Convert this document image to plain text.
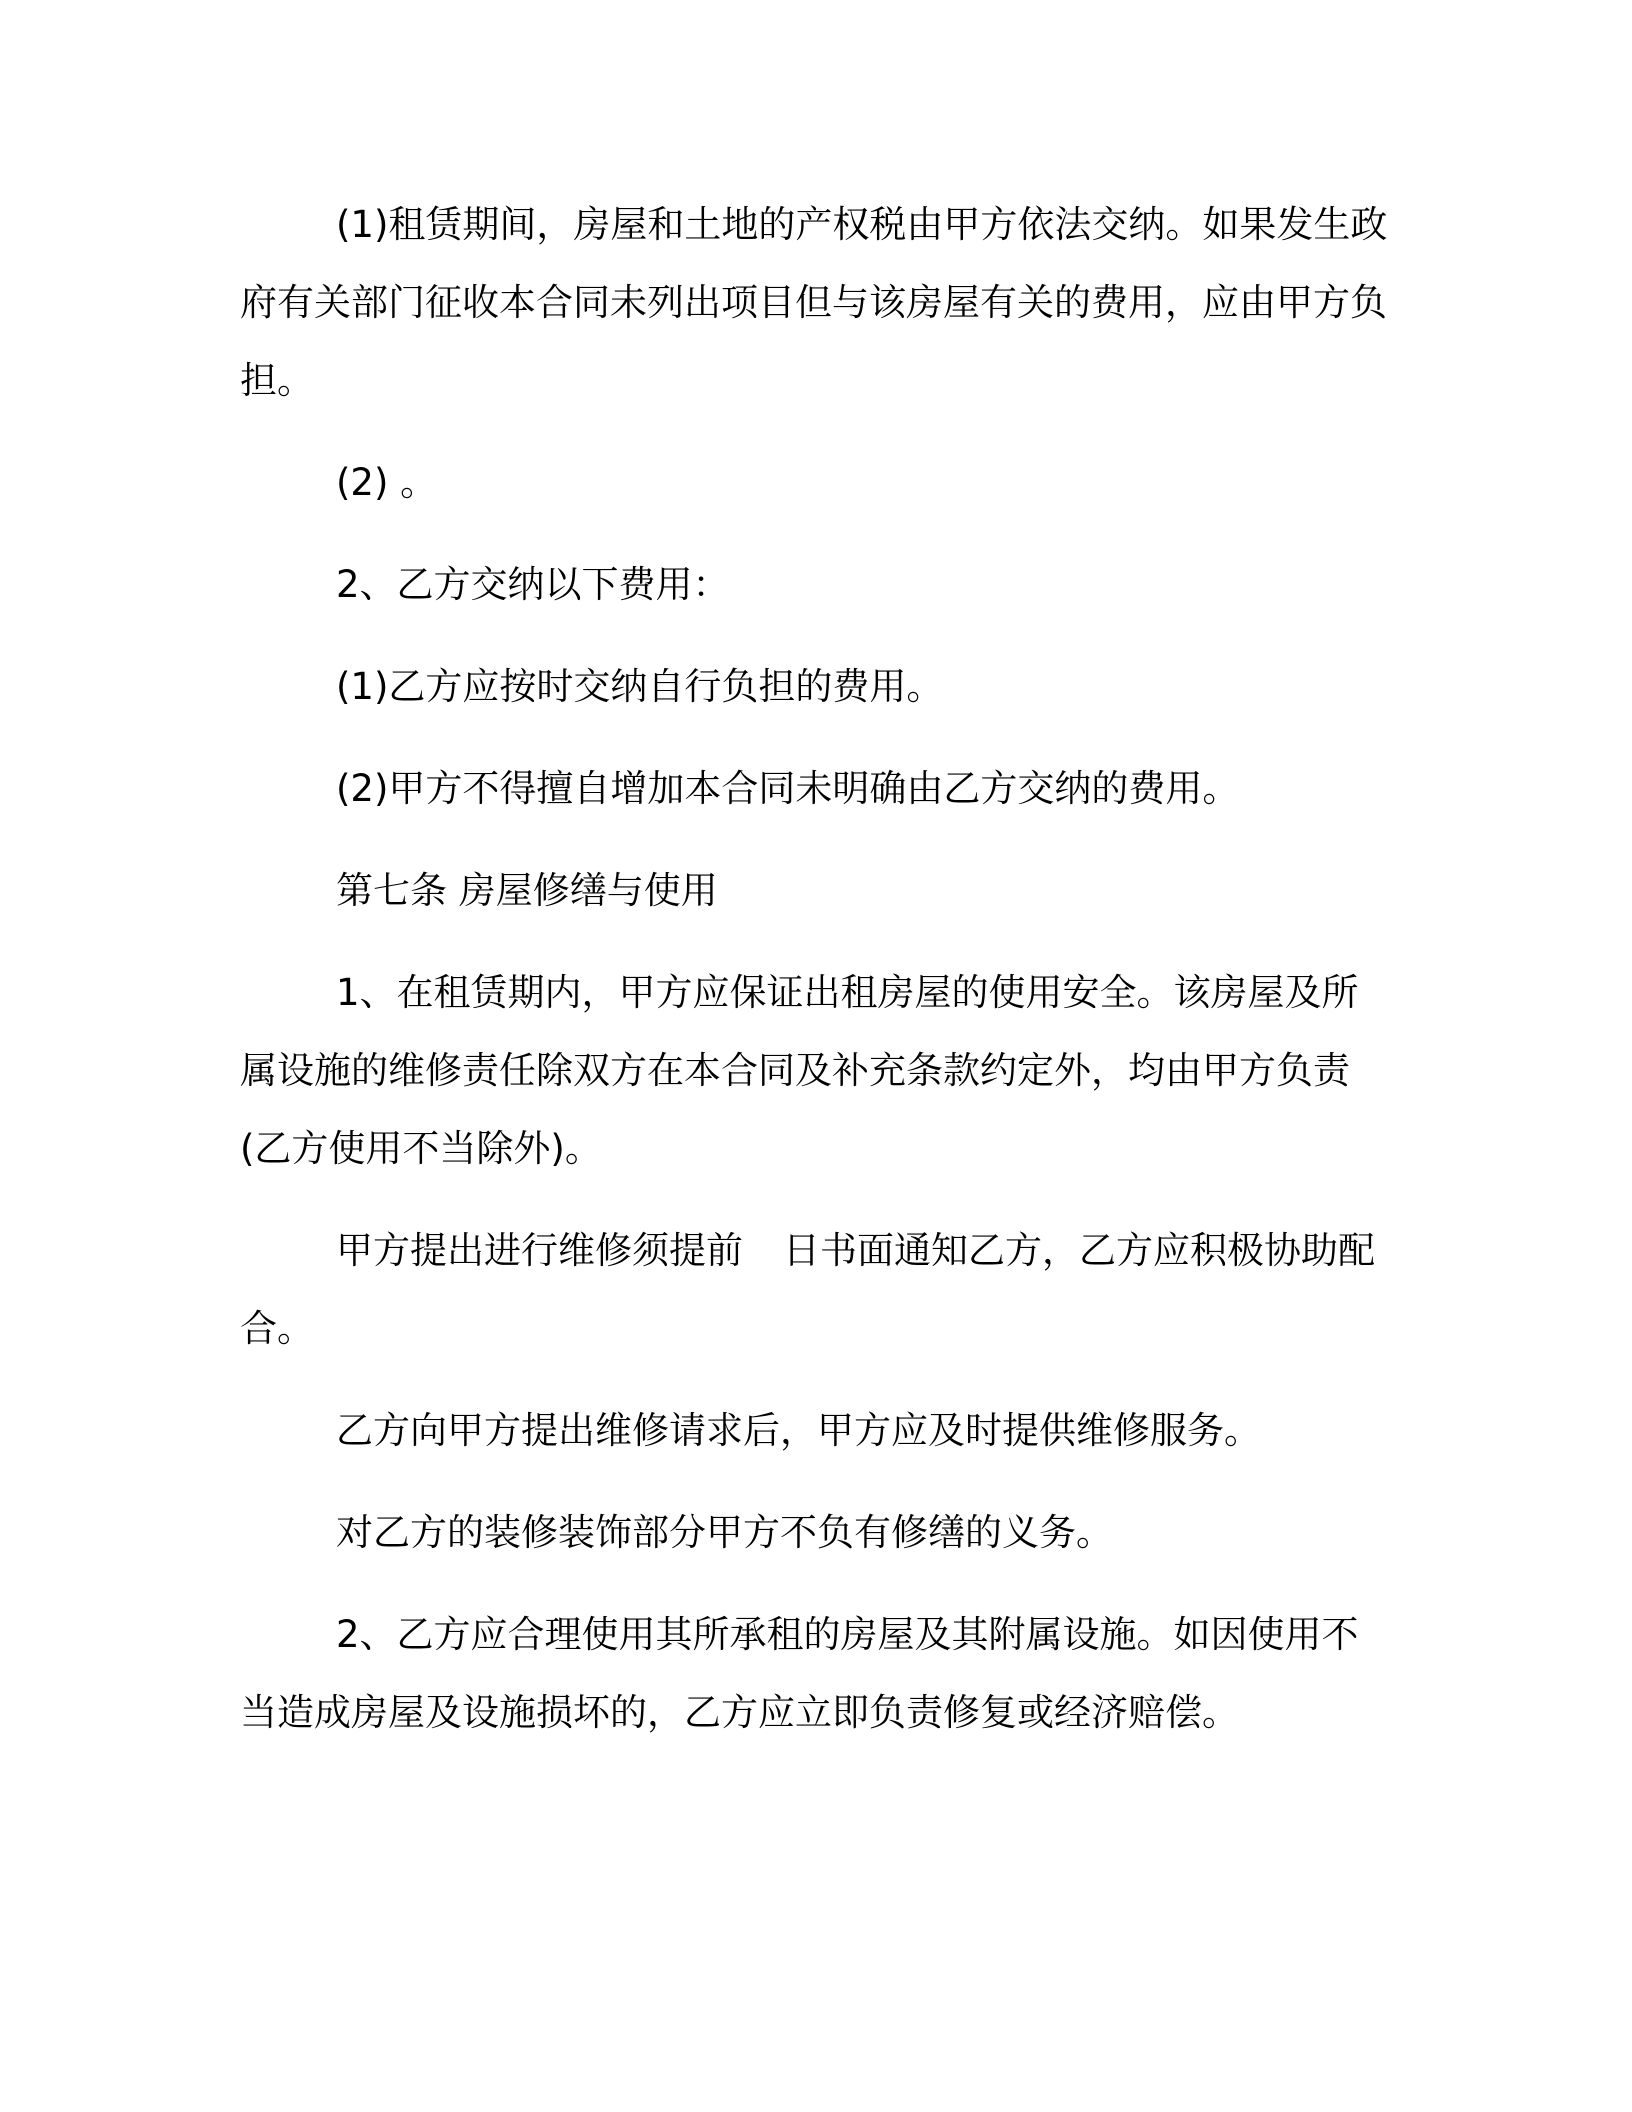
(1)租赁期间，房屋和土地的产权税由甲方依法交纳。如果发生政府有关部门征收本合同未列出项目但与该房屋有关的费用，应由甲方负担。

(2) 。

2、乙方交纳以下费用：

(1)乙方应按时交纳自行负担的费用。

(2)甲方不得擅自增加本合同未明确由乙方交纳的费用。

第七条 房屋修缮与使用

1、在租赁期内，甲方应保证出租房屋的使用安全。该房屋及所属设施的维修责任除双方在本合同及补充条款约定外，均由甲方负责(乙方使用不当除外)。

甲方提出进行维修须提前 日书面通知乙方，乙方应积极协助配合。

乙方向甲方提出维修请求后，甲方应及时提供维修服务。

对乙方的装修装饰部分甲方不负有修缮的义务。

2、乙方应合理使用其所承租的房屋及其附属设施。如因使用不当造成房屋及设施损坏的，乙方应立即负责修复或经济赔偿。
